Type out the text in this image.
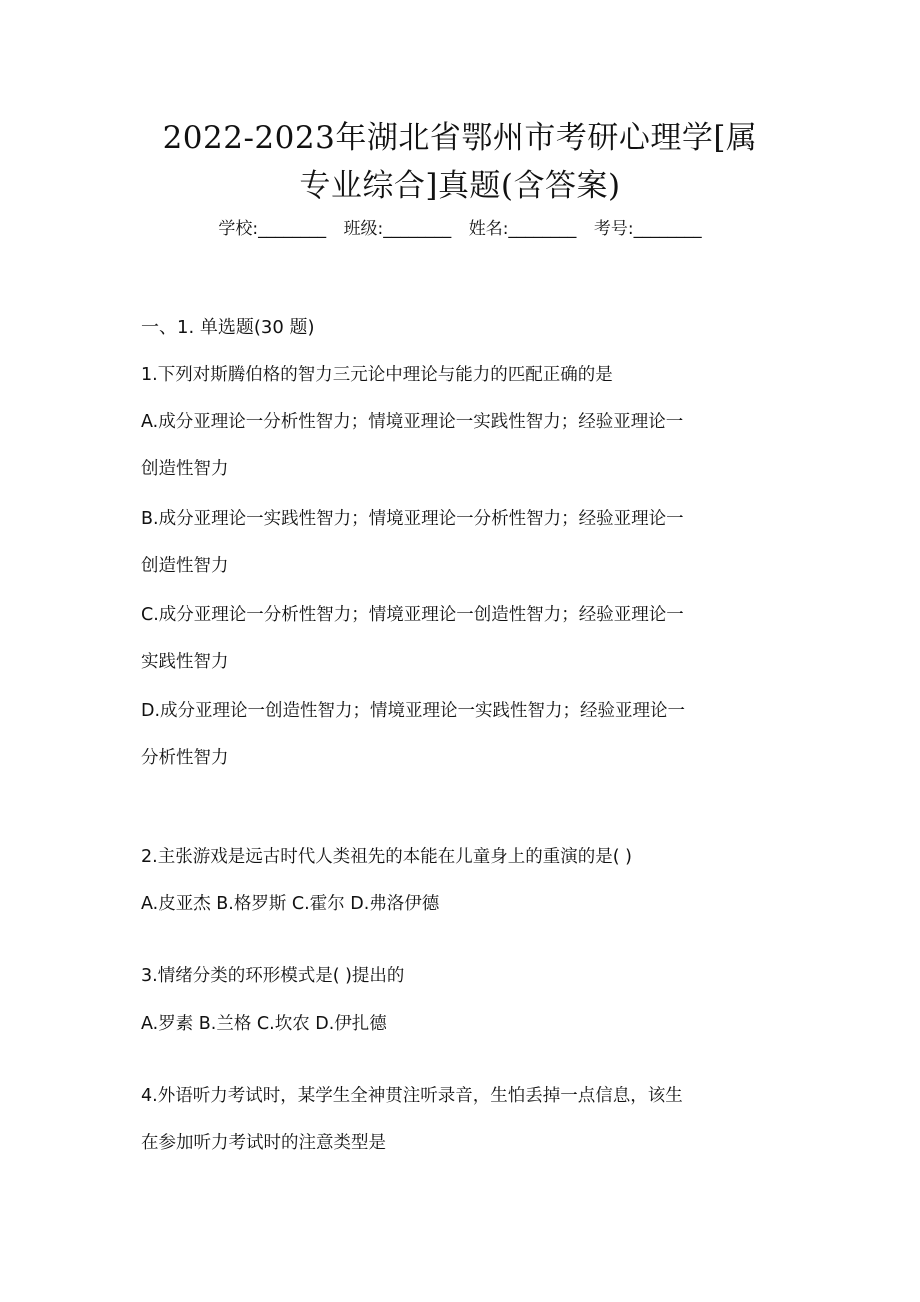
2022-2023年湖北省鄂州市考研心理学[属
专业综合]真题(含答案)
学校:________ 班级:________ 姓名:________ 考号:________
一、1. 单选题(30 题)
1.下列对斯腾伯格的智力三元论中理论与能力的匹配正确的是
A.成分亚理论一分析性智力；情境亚理论一实践性智力；经验亚理论一
创造性智力
B.成分亚理论一实践性智力；情境亚理论一分析性智力；经验亚理论一
创造性智力
C.成分亚理论一分析性智力；情境亚理论一创造性智力；经验亚理论一
实践性智力
D.成分亚理论一创造性智力；情境亚理论一实践性智力；经验亚理论一
分析性智力
2.主张游戏是远古时代人类祖先的本能在儿童身上的重演的是( )
A.皮亚杰 B.格罗斯 C.霍尔 D.弗洛伊德
3.情绪分类的环形模式是( )提出的
A.罗素 B.兰格 C.坎农 D.伊扎德
4.外语听力考试时，某学生全神贯注听录音，生怕丢掉一点信息，该生
在参加听力考试时的注意类型是
